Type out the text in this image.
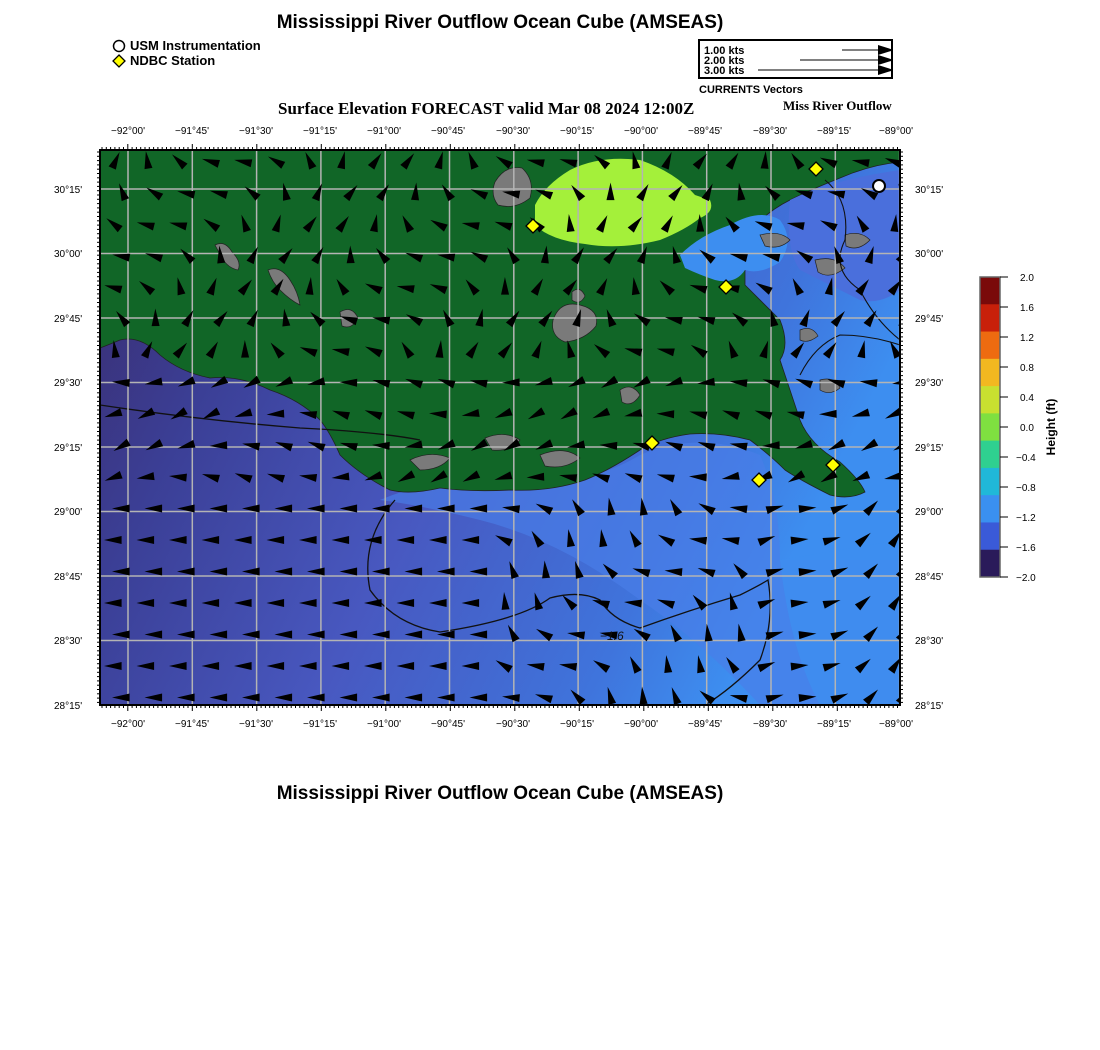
Mississippi River Outflow Ocean Cube (AMSEAS)
USM Instrumentation
NDBC Station
1.00 kts
2.00 kts
3.00 kts
CURRENTS Vectors
Surface Elevation FORECAST valid Mar 08 2024 12:00Z	Miss River Outflow
−1.6
−92°00'	−91°45'	−91°30'	−91°15'	−91°00'	−90°45'	−90°30'	−90°15'	−90°00'	−89°45'	−89°30'	−89°15'	−89°00'
−92°00'	−91°45'	−91°30'	−91°15'	−91°00'	−90°45'	−90°30'	−90°15'	−90°00'	−89°45'	−89°30'	−89°15'	−89°00'
30°15'
30°00'
29°45'
29°30'
29°15'
29°00'
28°45'
28°30'
28°15'
30°15'
30°00'
29°45'
29°30'
29°15'
29°00'
28°45'
28°30'
28°15'
2.0
1.6
1.2
0.8
0.4
0.0
−0.4
−0.8
−1.2
−1.6
−2.0
Height (ft)
Mississippi River Outflow Ocean Cube (AMSEAS)
